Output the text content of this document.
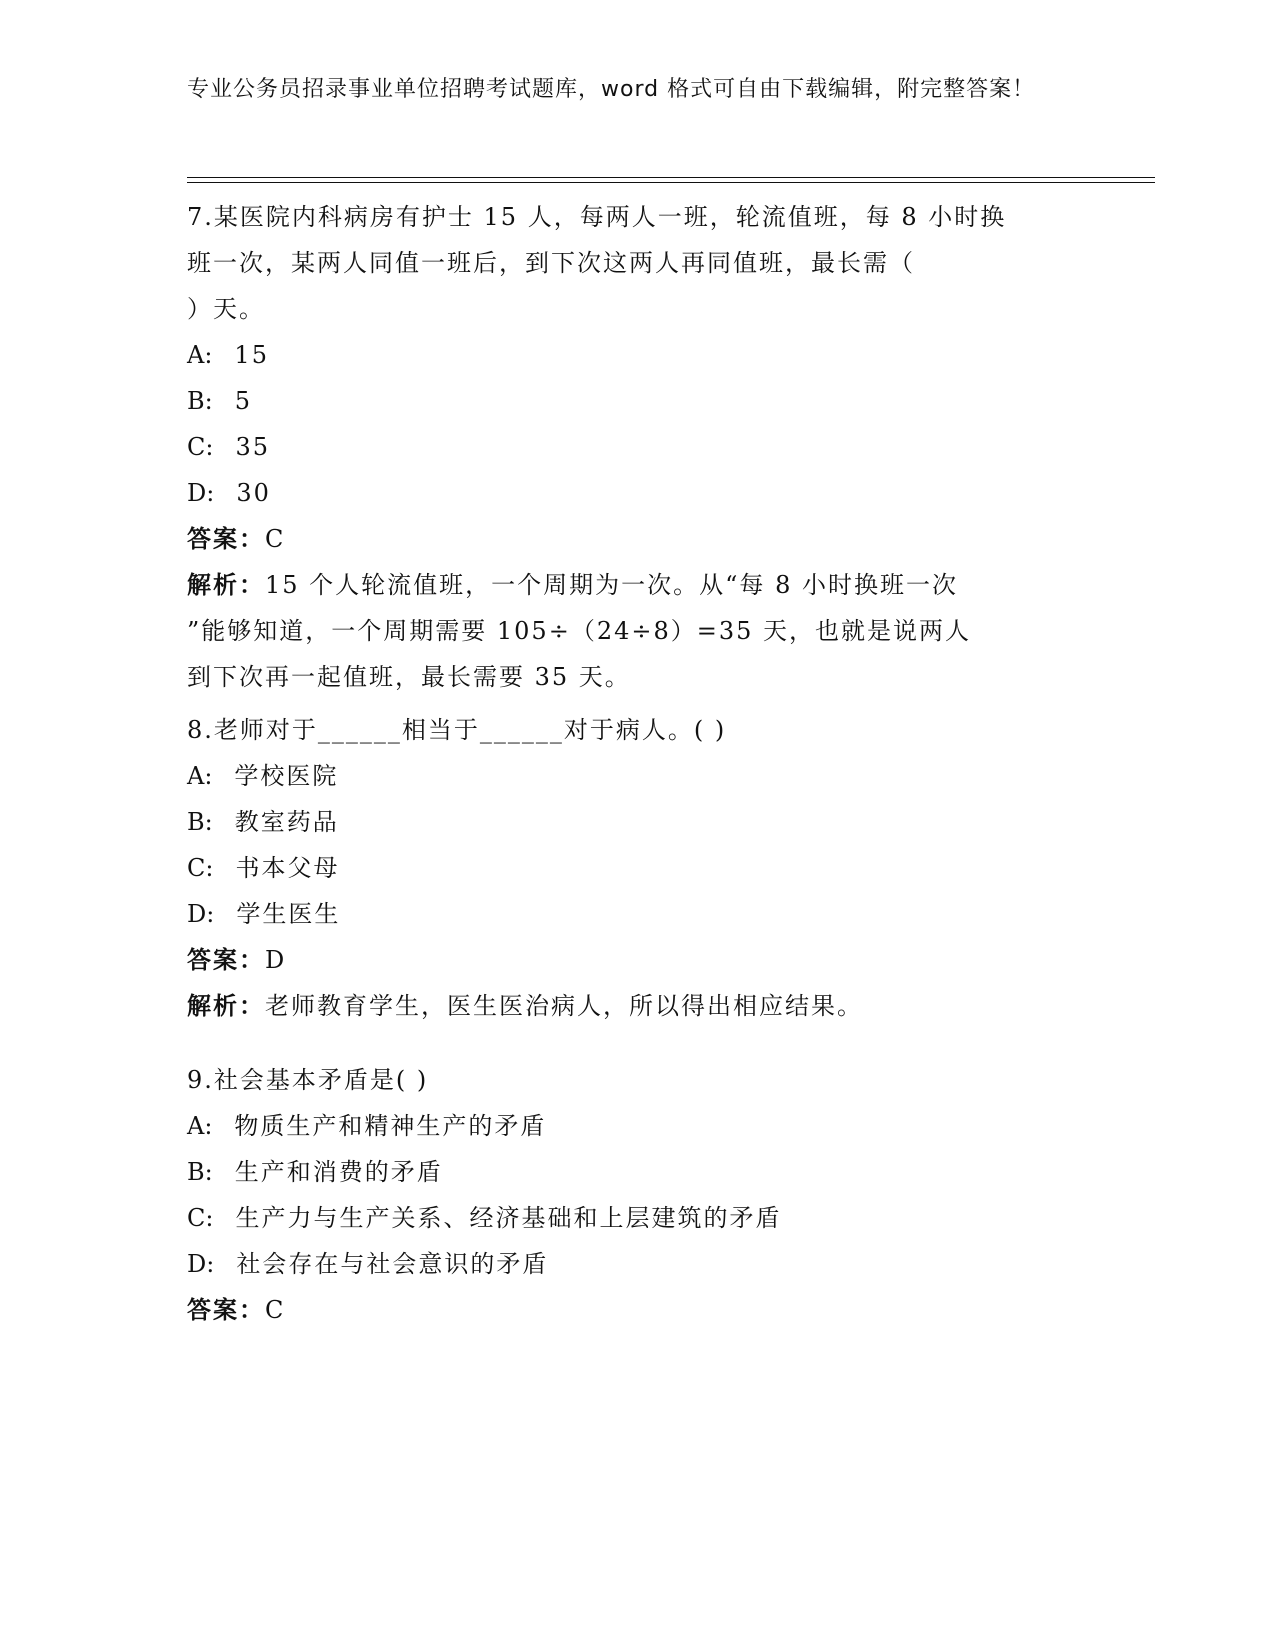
专业公务员招录事业单位招聘考试题库，word 格式可自由下载编辑，附完整答案！
7.某医院内科病房有护士 15 人，每两人一班，轮流值班，每 8 小时换
班一次，某两人同值一班后，到下次这两人再同值班，最长需（
）天。
A: 15
B: 5
C: 35
D: 30
答案：C
解析：15 个人轮流值班，一个周期为一次。从“每 8 小时换班一次
”能够知道，一个周期需要 105÷（24÷8）=35 天，也就是说两人
到下次再一起值班，最长需要 35 天。
8.老师对于______相当于______对于病人。( )
A: 学校医院
B: 教室药品
C: 书本父母
D: 学生医生
答案：D
解析：老师教育学生，医生医治病人，所以得出相应结果。
9.社会基本矛盾是( )
A: 物质生产和精神生产的矛盾
B: 生产和消费的矛盾
C: 生产力与生产关系、经济基础和上层建筑的矛盾
D: 社会存在与社会意识的矛盾
答案：C
